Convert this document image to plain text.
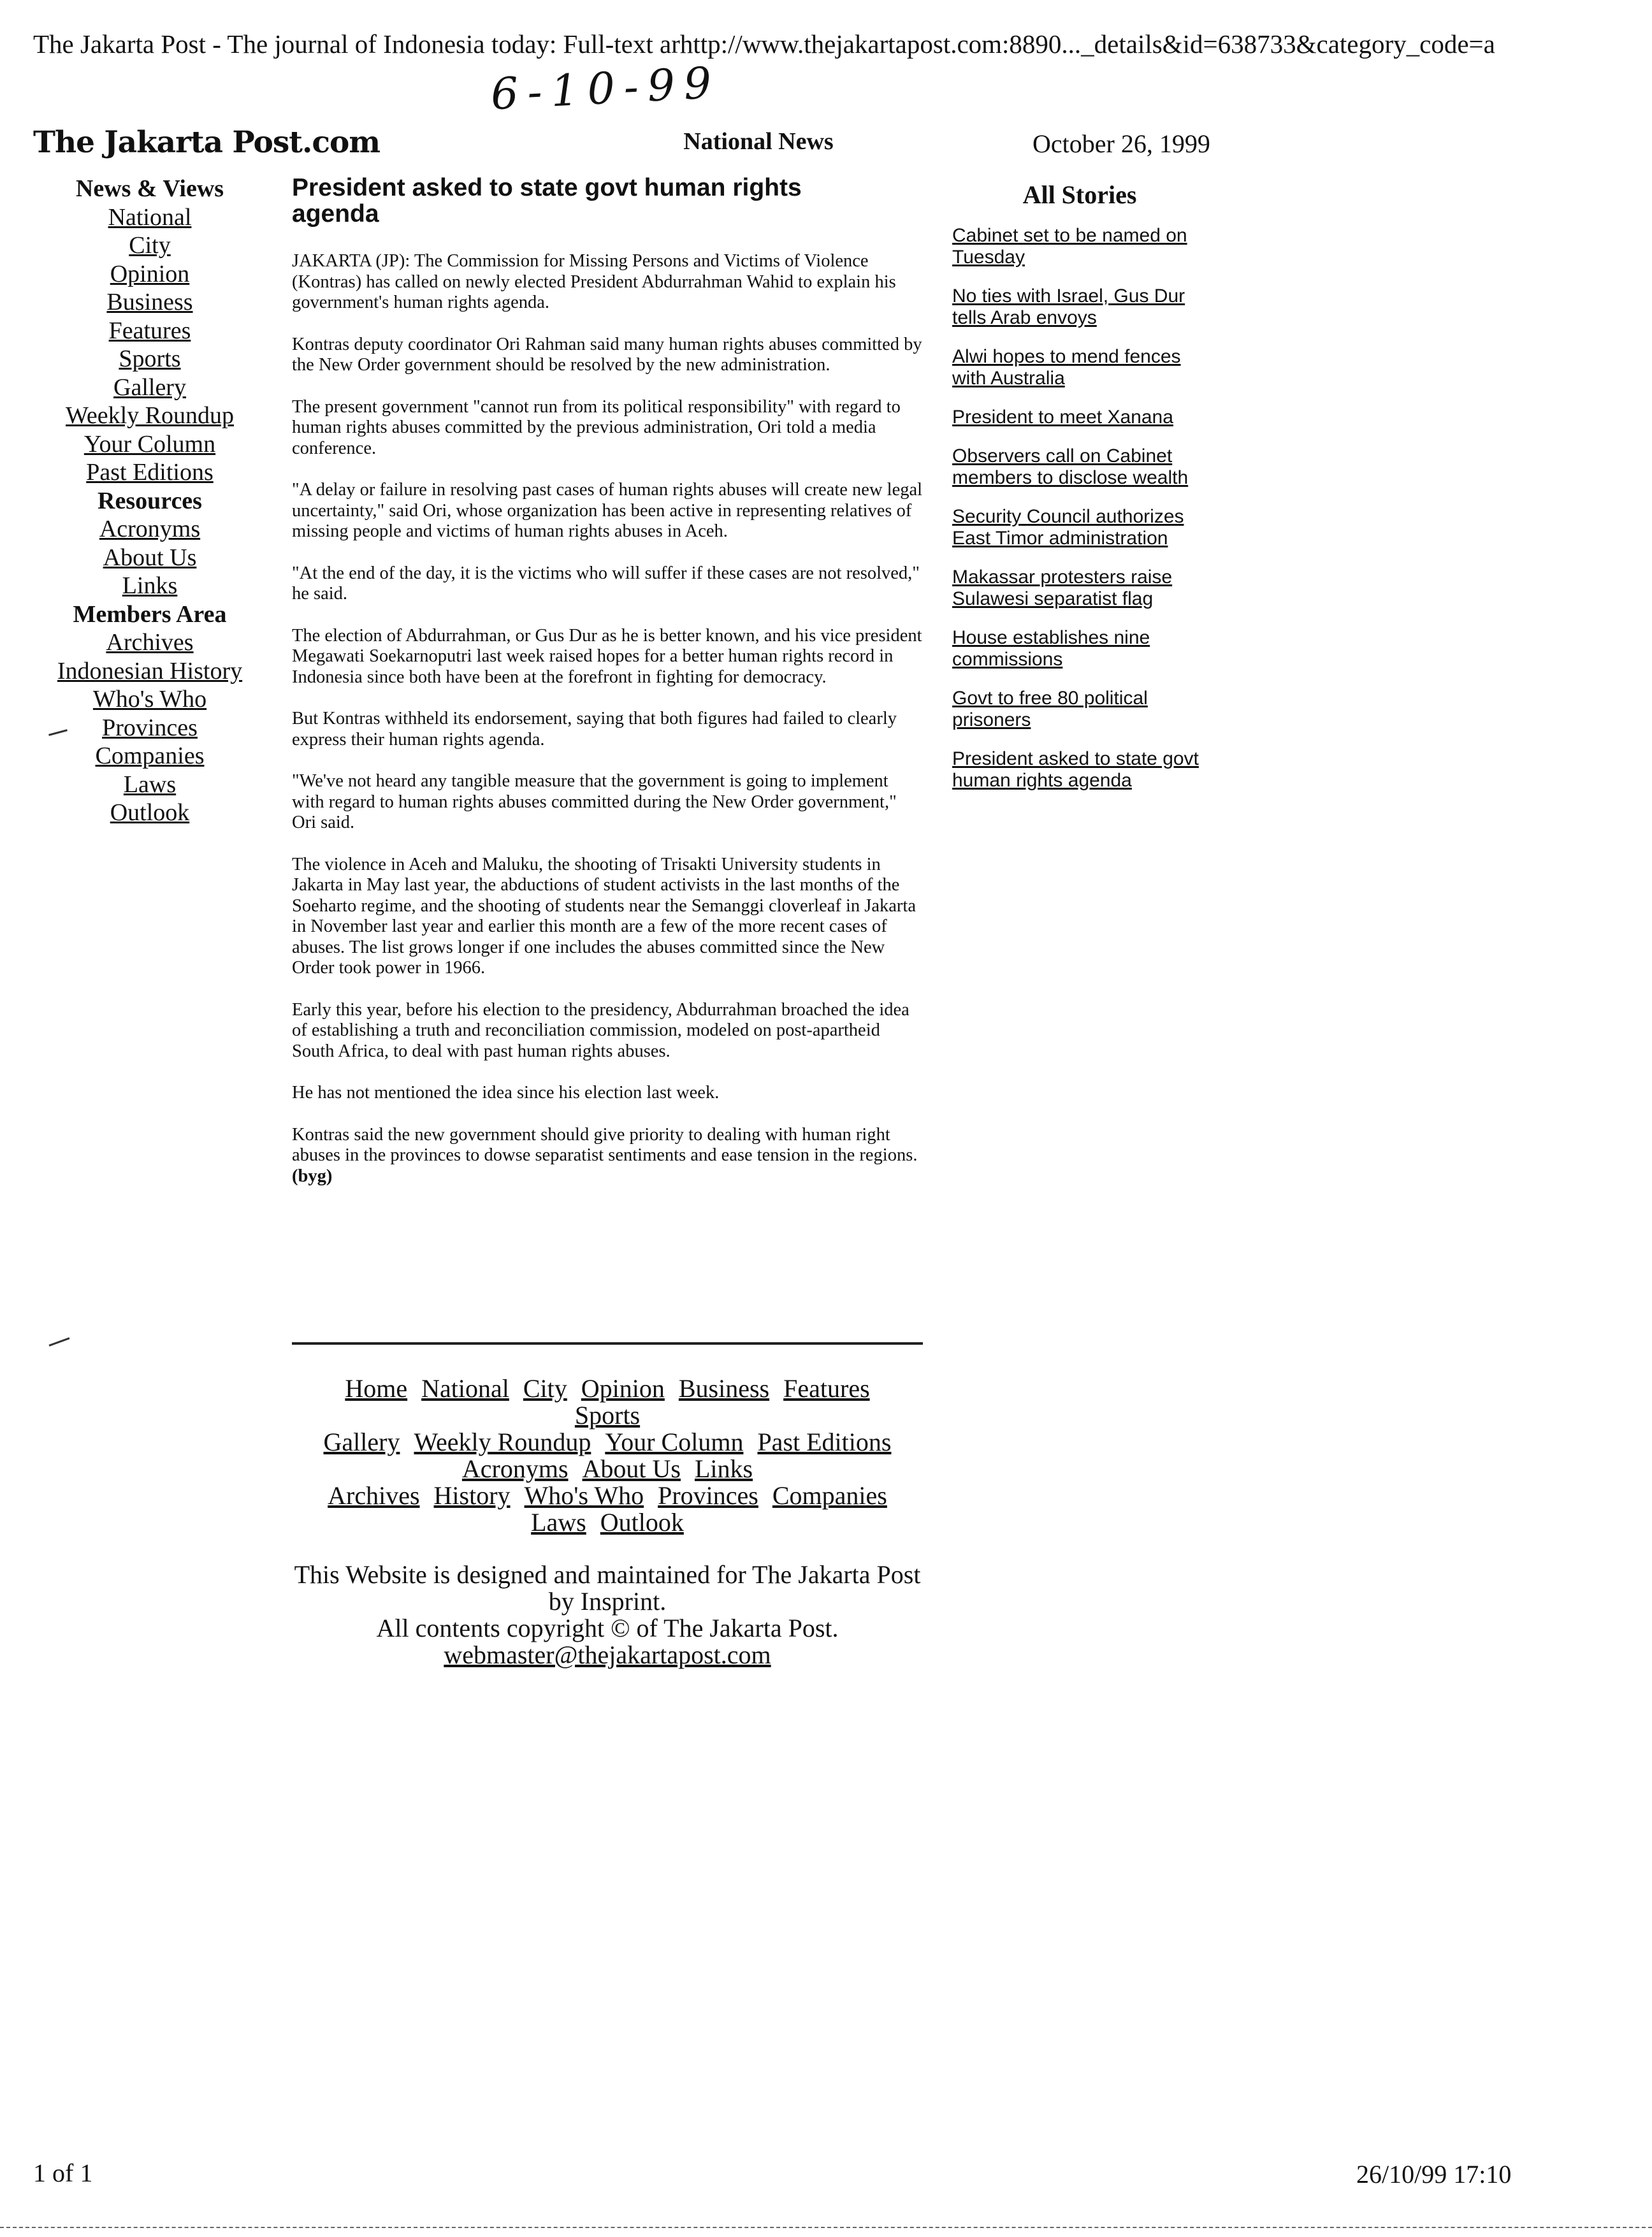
The Jakarta Post - The journal of Indonesia today: Full-text arhttp://www.thejakartapost.com:8890..._details&id=638733&category_code=a
6-10-99
The Jakarta Post.com	National News	October 26, 1999
News & Views
National
City
Opinion
Business
Features
Sports
Gallery
Weekly Roundup
Your Column
Past Editions
Resources
Acronyms
About Us
Links
Members Area
Archives
Indonesian History
Who's Who
Provinces
Companies
Laws
Outlook
President asked to state govt human rights agenda

JAKARTA (JP): The Commission for Missing Persons and Victims of Violence (Kontras) has called on newly elected President Abdurrahman Wahid to explain his government's human rights agenda.

Kontras deputy coordinator Ori Rahman said many human rights abuses committed by the New Order government should be resolved by the new administration.

The present government "cannot run from its political responsibility" with regard to human rights abuses committed by the previous administration, Ori told a media conference.

"A delay or failure in resolving past cases of human rights abuses will create new legal uncertainty," said Ori, whose organization has been active in representing relatives of missing people and victims of human rights abuses in Aceh.

"At the end of the day, it is the victims who will suffer if these cases are not resolved," he said.

The election of Abdurrahman, or Gus Dur as he is better known, and his vice president Megawati Soekarnoputri last week raised hopes for a better human rights record in Indonesia since both have been at the forefront in fighting for democracy.

But Kontras withheld its endorsement, saying that both figures had failed to clearly express their human rights agenda.

"We've not heard any tangible measure that the government is going to implement with regard to human rights abuses committed during the New Order government," Ori said.

The violence in Aceh and Maluku, the shooting of Trisakti University students in Jakarta in May last year, the abductions of student activists in the last months of the Soeharto regime, and the shooting of students near the Semanggi cloverleaf in Jakarta in November last year and earlier this month are a few of the more recent cases of abuses. The list grows longer if one includes the abuses committed since the New Order took power in 1966.

Early this year, before his election to the presidency, Abdurrahman broached the idea of establishing a truth and reconciliation commission, modeled on post-apartheid South Africa, to deal with past human rights abuses.

He has not mentioned the idea since his election last week.

Kontras said the new government should give priority to dealing with human right abuses in the provinces to dowse separatist sentiments and ease tension in the regions. (byg)

All Stories
Cabinet set to be named on Tuesday
No ties with Israel, Gus Dur tells Arab envoys
Alwi hopes to mend fences with Australia
President to meet Xanana
Observers call on Cabinet members to disclose wealth
Security Council authorizes East Timor administration
Makassar protesters raise Sulawesi separatist flag
House establishes nine commissions
Govt to free 80 political prisoners
President asked to state govt human rights agenda
Home National City Opinion Business Features
Sports
Gallery Weekly Roundup Your Column Past Editions
Acronyms About Us Links
Archives History Who's Who Provinces Companies
Laws Outlook
This Website is designed and maintained for The Jakarta Post by Insprint.
All contents copyright © of The Jakarta Post.
webmaster@thejakartapost.com
1 of 1	26/10/99 17:10
